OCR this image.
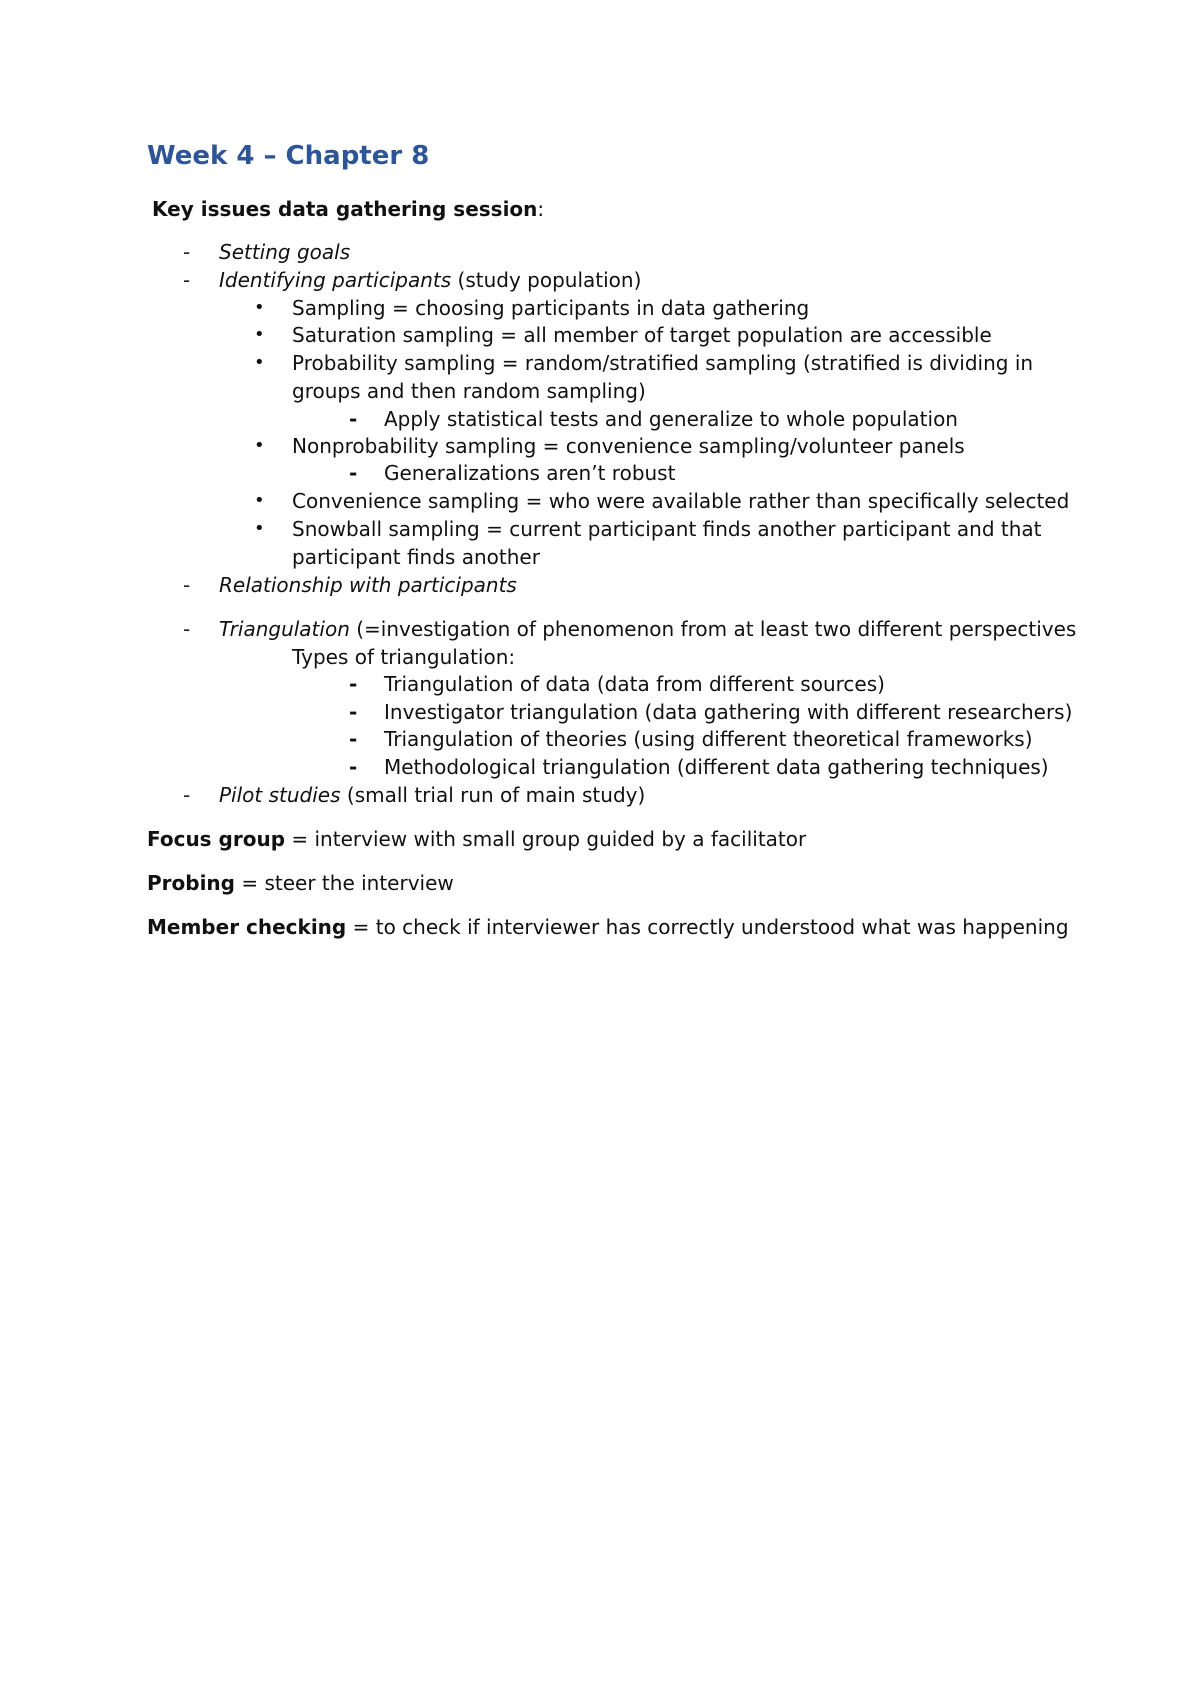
Week 4 – Chapter 8
Key issues data gathering session:
- Setting goals
- Identifying participants (study population)
• Sampling = choosing participants in data gathering
• Saturation sampling = all member of target population are accessible
• Probability sampling = random/stratified sampling (stratified is dividing in
groups and then random sampling)
- Apply statistical tests and generalize to whole population
• Nonprobability sampling = convenience sampling/volunteer panels
- Generalizations aren’t robust
• Convenience sampling = who were available rather than specifically selected
• Snowball sampling = current participant finds another participant and that
participant finds another
- Relationship with participants
- Triangulation (=investigation of phenomenon from at least two different perspectives
Types of triangulation:
- Triangulation of data (data from different sources)
- Investigator triangulation (data gathering with different researchers)
- Triangulation of theories (using different theoretical frameworks)
- Methodological triangulation (different data gathering techniques)
- Pilot studies (small trial run of main study)
Focus group = interview with small group guided by a facilitator
Probing = steer the interview
Member checking = to check if interviewer has correctly understood what was happening
